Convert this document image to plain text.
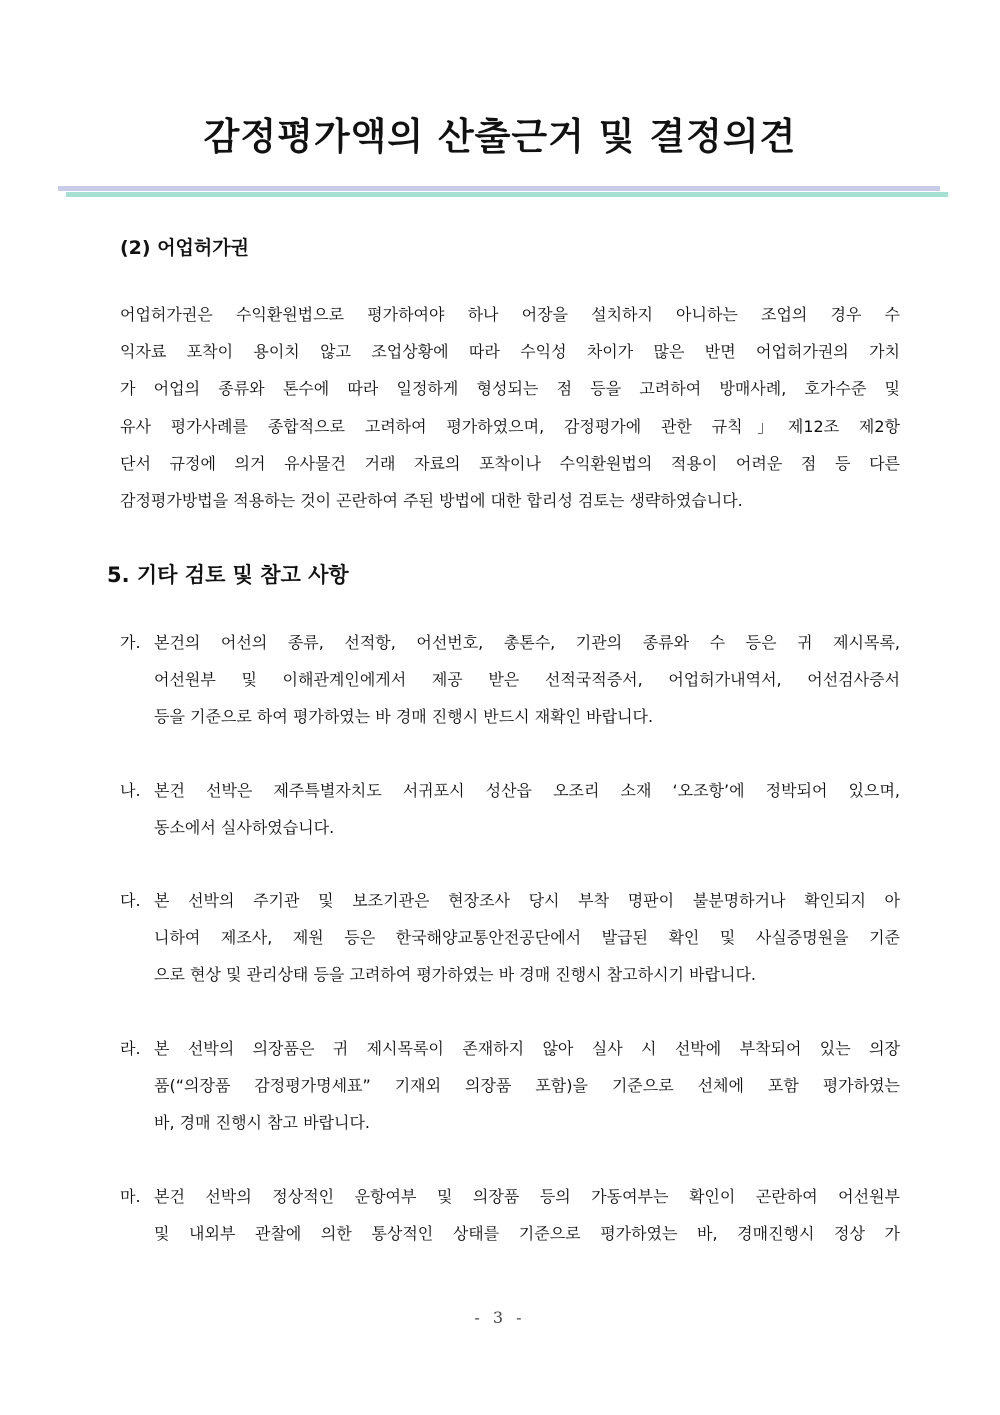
감정평가액의 산출근거 및 결정의견
(2) 어업허가권
어업허가권은 수익환원법으로 평가하여야 하나 어장을 설치하지 아니하는 조업의 경우 수
익자료 포착이 용이치 않고 조업상황에 따라 수익성 차이가 많은 반면 어업허가권의 가치
가 어업의 종류와 톤수에 따라 일정하게 형성되는 점 등을 고려하여 방매사례, 호가수준 및
유사 평가사례를 종합적으로 고려하여 평가하였으며, 감정평가에 관한 규칙」제12조 제2항
단서 규정에 의거 유사물건 거래 자료의 포착이나 수익환원법의 적용이 어려운 점 등 다른
감정평가방법을 적용하는 것이 곤란하여 주된 방법에 대한 합리성 검토는 생략하였습니다.
5. 기타 검토 및 참고 사항
가. 본건의 어선의 종류, 선적항, 어선번호, 총톤수, 기관의 종류와 수 등은 귀 제시목록,
어선원부 및 이해관계인에게서 제공 받은 선적국적증서, 어업허가내역서, 어선검사증서
등을 기준으로 하여 평가하였는 바 경매 진행시 반드시 재확인 바랍니다.
나. 본건 선박은 제주특별자치도 서귀포시 성산읍 오조리 소재 ‘오조항’에 정박되어 있으며,
동소에서 실사하였습니다.
다. 본 선박의 주기관 및 보조기관은 현장조사 당시 부착 명판이 불분명하거나 확인되지 아
니하여 제조사, 제원 등은 한국해양교통안전공단에서 발급된 확인 및 사실증명원을 기준
으로 현상 및 관리상태 등을 고려하여 평가하였는 바 경매 진행시 참고하시기 바랍니다.
라. 본 선박의 의장품은 귀 제시목록이 존재하지 않아 실사 시 선박에 부착되어 있는 의장
품(“의장품 감정평가명세표” 기재외 의장품 포함)을 기준으로 선체에 포함 평가하였는
바, 경매 진행시 참고 바랍니다.
마. 본건 선박의 정상적인 운항여부 및 의장품 등의 가동여부는 확인이 곤란하여 어선원부
및 내외부 관찰에 의한 통상적인 상태를 기준으로 평가하였는 바, 경매진행시 정상 가
- 3 -
